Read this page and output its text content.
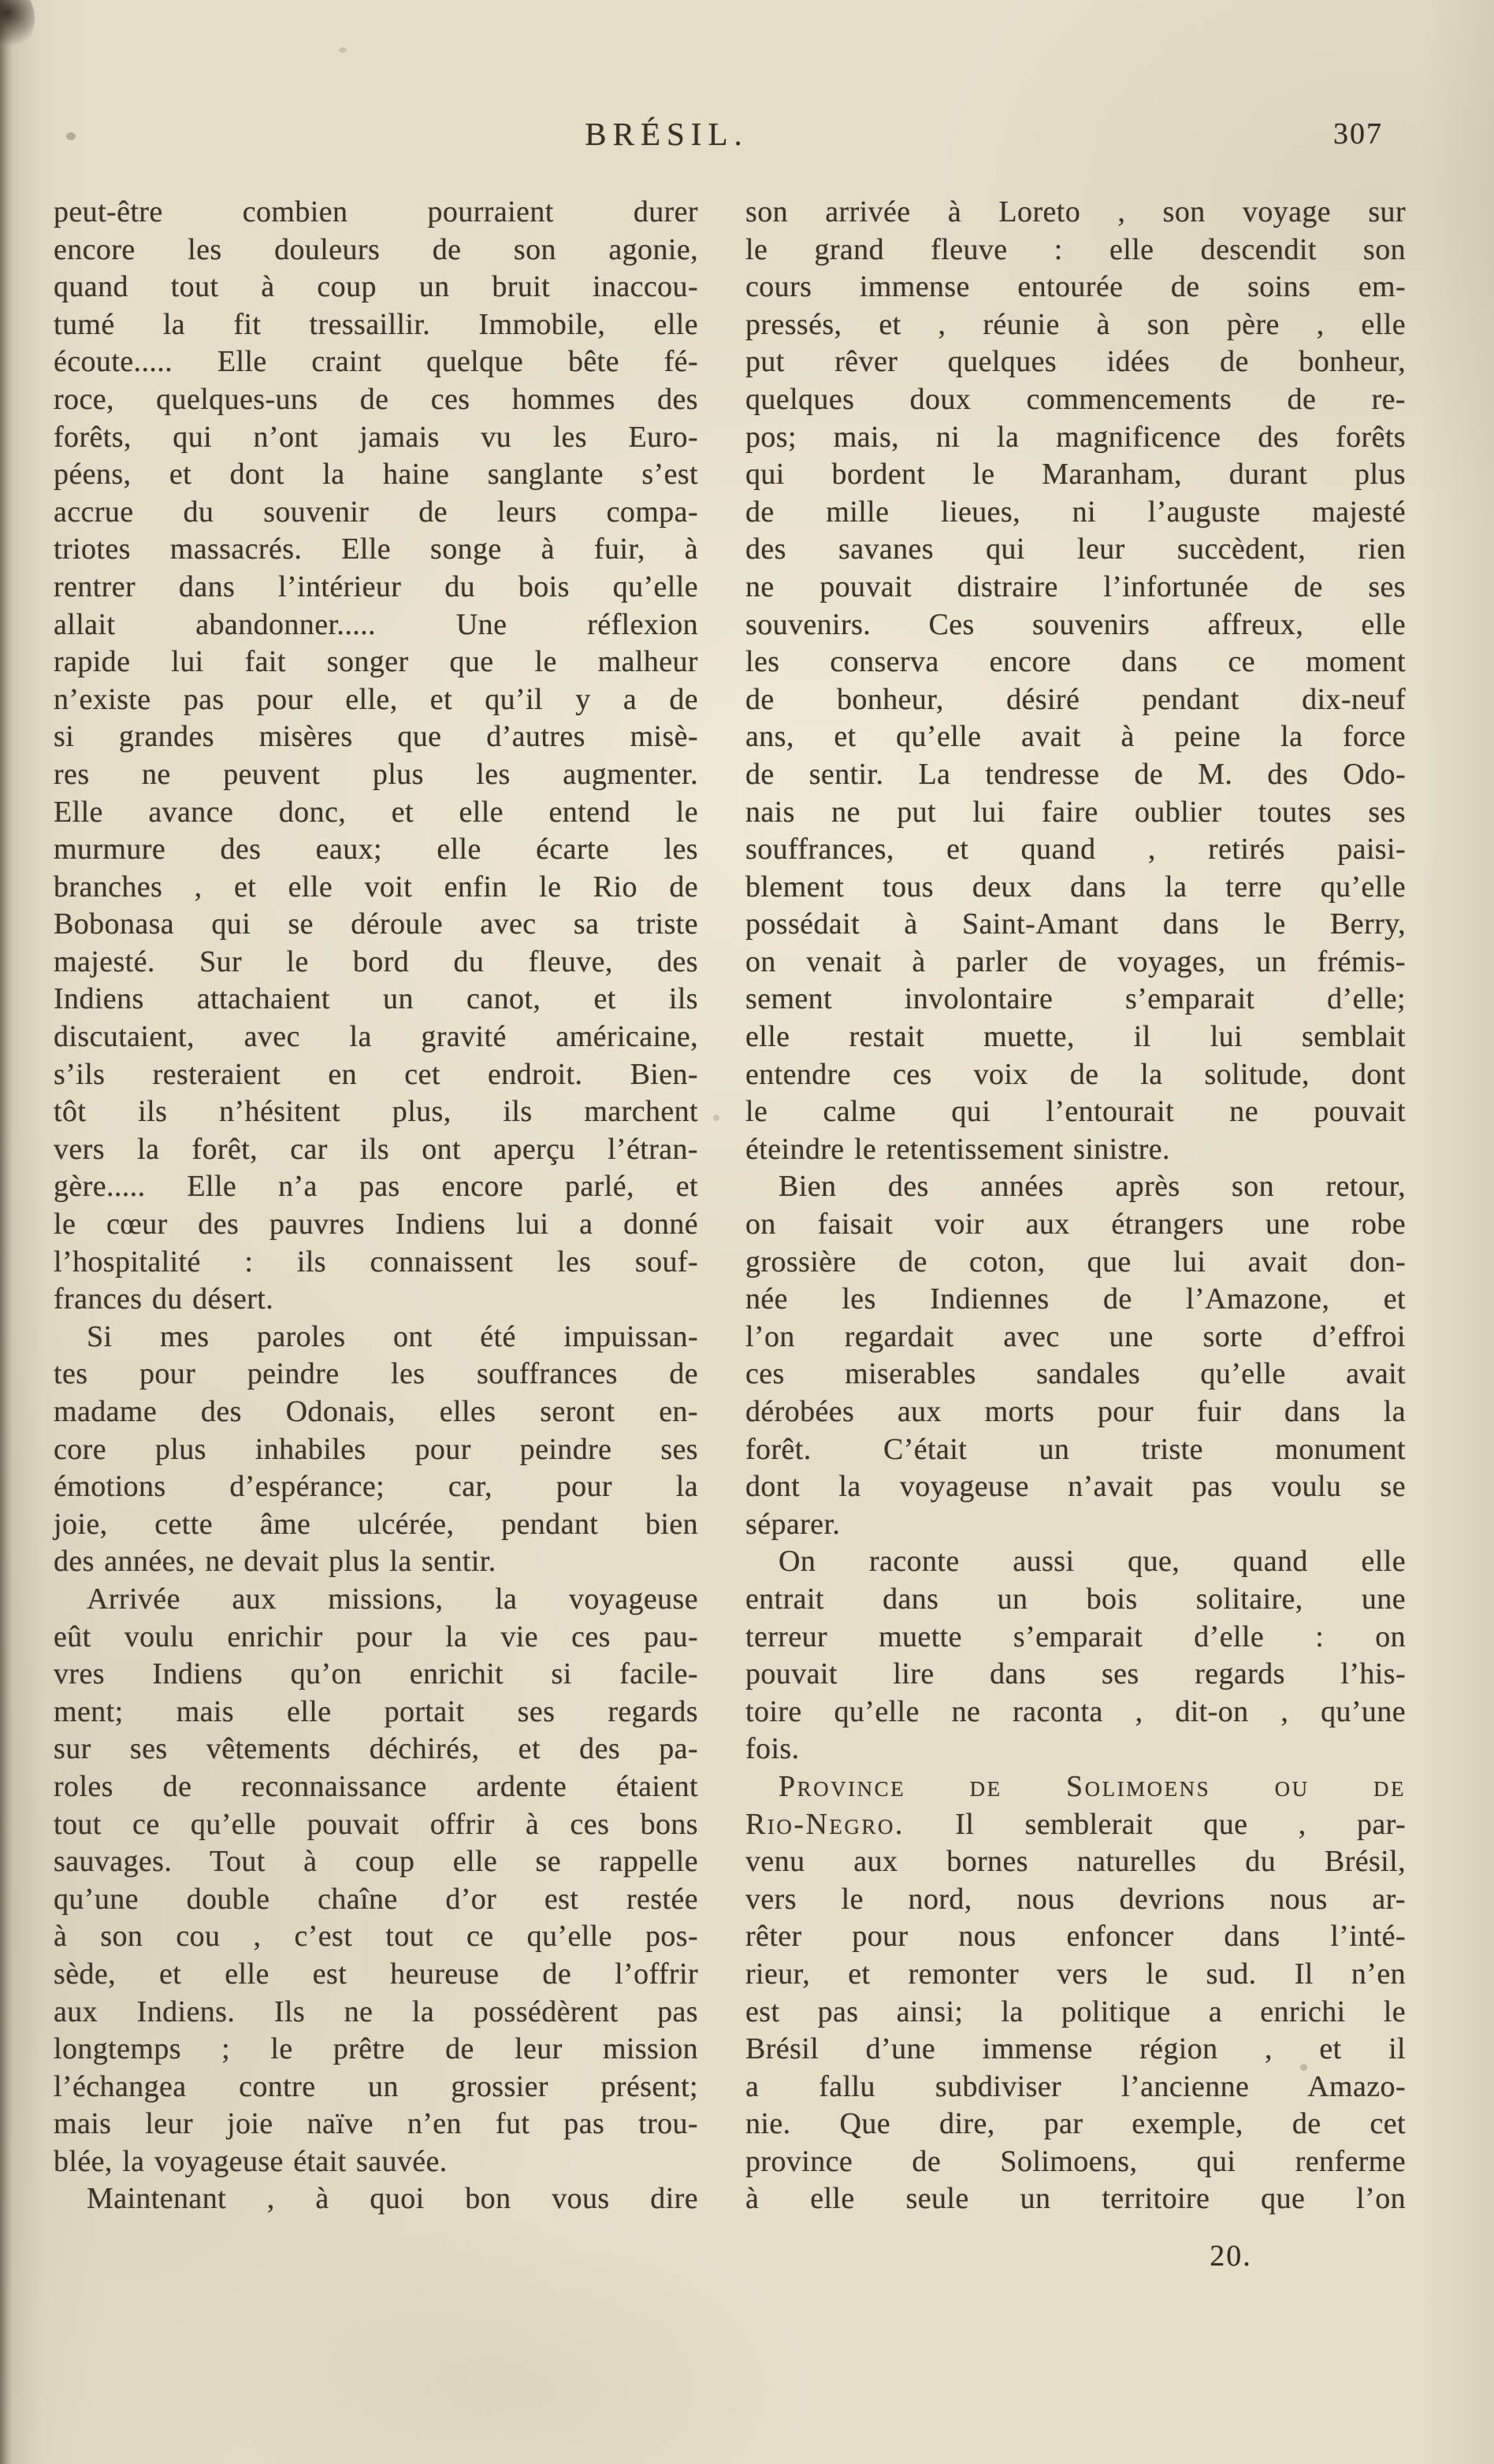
BRÉSIL.	307
peut-être combien pourraient durer
encore les douleurs de son agonie,
quand tout à coup un bruit inaccou-
tumé la fit tressaillir. Immobile, elle
écoute..... Elle craint quelque bête fé-
roce, quelques-uns de ces hommes des
forêts, qui n’ont jamais vu les Euro-
péens, et dont la haine sanglante s’est
accrue du souvenir de leurs compa-
triotes massacrés. Elle songe à fuir, à
rentrer dans l’intérieur du bois qu’elle
allait abandonner..... Une réflexion
rapide lui fait songer que le malheur
n’existe pas pour elle, et qu’il y a de
si grandes misères que d’autres misè-
res ne peuvent plus les augmenter.
Elle avance donc, et elle entend le
murmure des eaux; elle écarte les
branches , et elle voit enfin le Rio de
Bobonasa qui se déroule avec sa triste
majesté. Sur le bord du fleuve, des
Indiens attachaient un canot, et ils
discutaient, avec la gravité américaine,
s’ils resteraient en cet endroit. Bien-
tôt ils n’hésitent plus, ils marchent
vers la forêt, car ils ont aperçu l’étran-
gère..... Elle n’a pas encore parlé, et
le cœur des pauvres Indiens lui a donné
l’hospitalité : ils connaissent les souf-
frances du désert.
Si mes paroles ont été impuissan-
tes pour peindre les souffrances de
madame des Odonais, elles seront en-
core plus inhabiles pour peindre ses
émotions d’espérance; car, pour la
joie, cette âme ulcérée, pendant bien
des années, ne devait plus la sentir.
Arrivée aux missions, la voyageuse
eût voulu enrichir pour la vie ces pau-
vres Indiens qu’on enrichit si facile-
ment; mais elle portait ses regards
sur ses vêtements déchirés, et des pa-
roles de reconnaissance ardente étaient
tout ce qu’elle pouvait offrir à ces bons
sauvages. Tout à coup elle se rappelle
qu’une double chaîne d’or est restée
à son cou , c’est tout ce qu’elle pos-
sède, et elle est heureuse de l’offrir
aux Indiens. Ils ne la possédèrent pas
longtemps ; le prêtre de leur mission
l’échangea contre un grossier présent;
mais leur joie naïve n’en fut pas trou-
blée, la voyageuse était sauvée.
Maintenant , à quoi bon vous dire
son arrivée à Loreto , son voyage sur
le grand fleuve : elle descendit son
cours immense entourée de soins em-
pressés, et , réunie à son père , elle
put rêver quelques idées de bonheur,
quelques doux commencements de re-
pos; mais, ni la magnificence des forêts
qui bordent le Maranham, durant plus
de mille lieues, ni l’auguste majesté
des savanes qui leur succèdent, rien
ne pouvait distraire l’infortunée de ses
souvenirs. Ces souvenirs affreux, elle
les conserva encore dans ce moment
de bonheur, désiré pendant dix-neuf
ans, et qu’elle avait à peine la force
de sentir. La tendresse de M. des Odo-
nais ne put lui faire oublier toutes ses
souffrances, et quand , retirés paisi-
blement tous deux dans la terre qu’elle
possédait à Saint-Amant dans le Berry,
on venait à parler de voyages, un frémis-
sement involontaire s’emparait d’elle;
elle restait muette, il lui semblait
entendre ces voix de la solitude, dont
le calme qui l’entourait ne pouvait
éteindre le retentissement sinistre.
Bien des années après son retour,
on faisait voir aux étrangers une robe
grossière de coton, que lui avait don-
née les Indiennes de l’Amazone, et
l’on regardait avec une sorte d’effroi
ces miserables sandales qu’elle avait
dérobées aux morts pour fuir dans la
forêt. C’était un triste monument
dont la voyageuse n’avait pas voulu se
séparer.
On raconte aussi que, quand elle
entrait dans un bois solitaire, une
terreur muette s’emparait d’elle : on
pouvait lire dans ses regards l’his-
toire qu’elle ne raconta , dit-on , qu’une
fois.
Province de Solimoens ou de
Rio-Negro. Il semblerait que , par-
venu aux bornes naturelles du Brésil,
vers le nord, nous devrions nous ar-
rêter pour nous enfoncer dans l’inté-
rieur, et remonter vers le sud. Il n’en
est pas ainsi; la politique a enrichi le
Brésil d’une immense région , et il
a fallu subdiviser l’ancienne Amazo-
nie. Que dire, par exemple, de cet
province de Solimoens, qui renferme
à elle seule un territoire que l’on
20.
